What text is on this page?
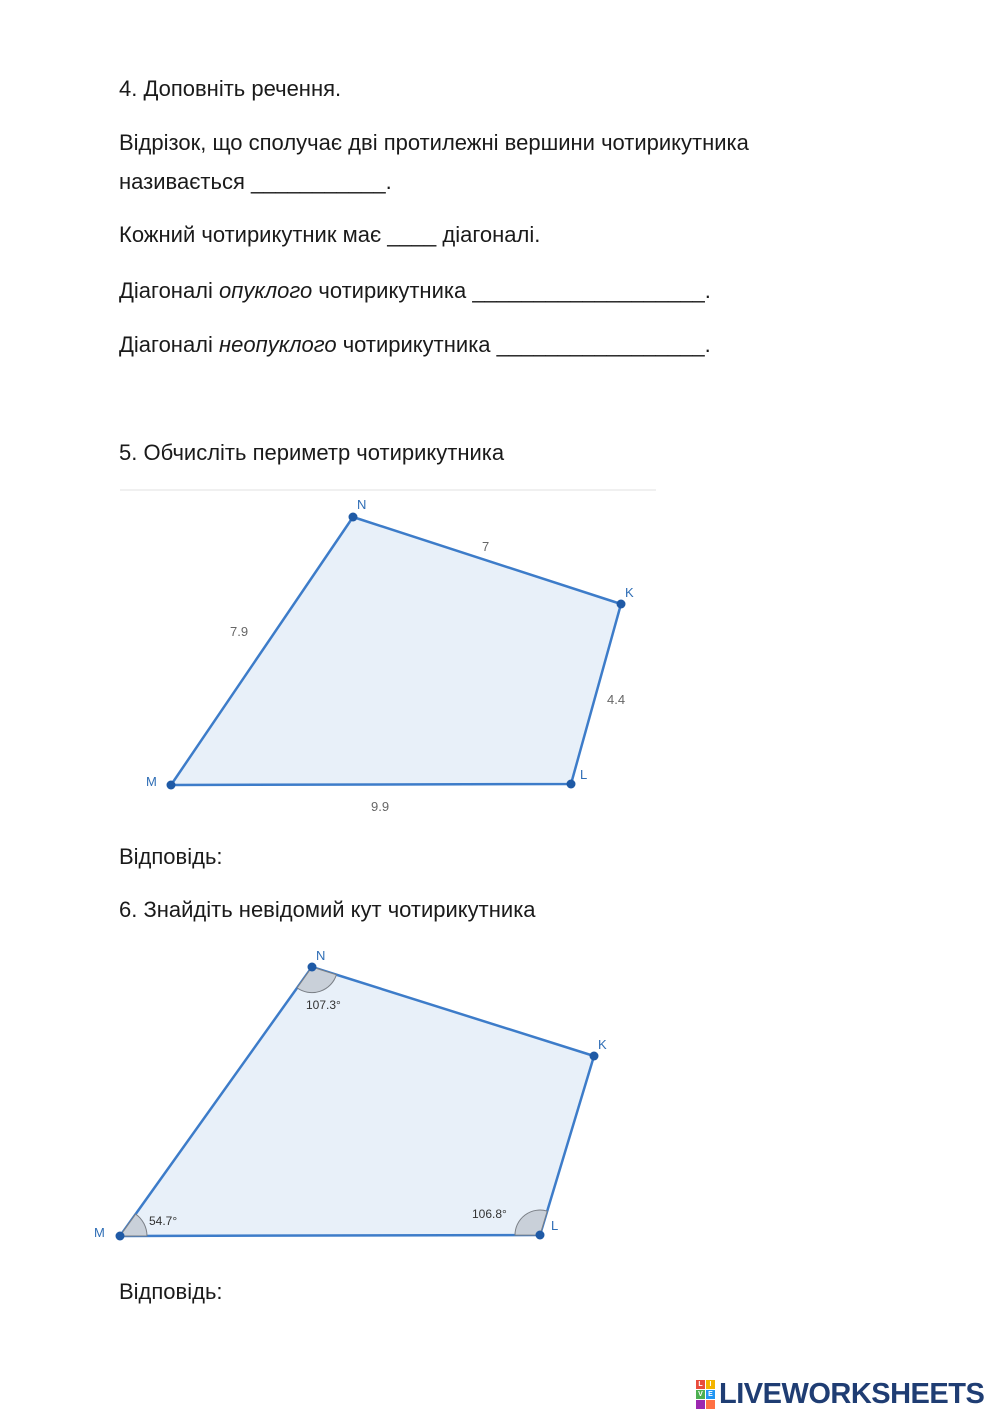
4. Доповніть речення.

Відрізок, що сполучає дві протилежні вершини чотирикутника

називається ___________.

Кожний чотирикутник має ____ діагоналі.

Діагоналі опуклого чотирикутника ___________________.

Діагоналі неопуклого чотирикутника _________________.

5. Обчисліть периметр чотирикутника

N
K
L
M
7
4.4
9.9
7.9
N
K
L
M
107.3°
106.8°
54.7°

Відповідь:

6. Знайдіть невідомий кут чотирикутника

Відповідь:

L I
V E LIVEWORKSHEETS
